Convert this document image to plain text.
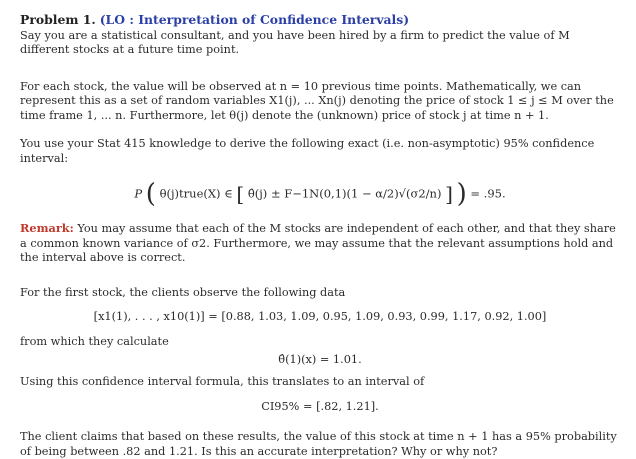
Problem 1. (LO : Interpretation of Confidence Intervals)

Say you are a statistical consultant, and you have been hired by a firm to predict the value of M different stocks at a future time point.

For each stock, the value will be observed at n = 10 previous time points. Mathematically, we can represent this as a set of random variables X1(j), ... Xn(j) denoting the price of stock 1 ≤ j ≤ M over the time frame 1, ... n. Furthermore, let θ(j) denote the (unknown) price of stock j at time n + 1.

You use your Stat 415 knowledge to derive the following exact (i.e. non-asymptotic) 95% confidence interval:

P ( θ(j)true(X) ∈ [ θ̂(j) ± F−1N(0,1)(1 − α/2)√(σ2/n) ] ) = .95.

Remark: You may assume that each of the M stocks are independent of each other, and that they share a common known variance of σ2. Furthermore, we may assume that the relevant assumptions hold and the interval above is correct.

For the first stock, the clients observe the following data

[x1(1), . . . , x10(1)] = [0.88, 1.03, 1.09, 0.95, 1.09, 0.93, 0.99, 1.17, 0.92, 1.00]

from which they calculate

θ̂(1)(x) = 1.01.

Using this confidence interval formula, this translates to an interval of

CI95% = [.82, 1.21].

The client claims that based on these results, the value of this stock at time n + 1 has a 95% probability of being between .82 and 1.21. Is this an accurate interpretation? Why or why not?
